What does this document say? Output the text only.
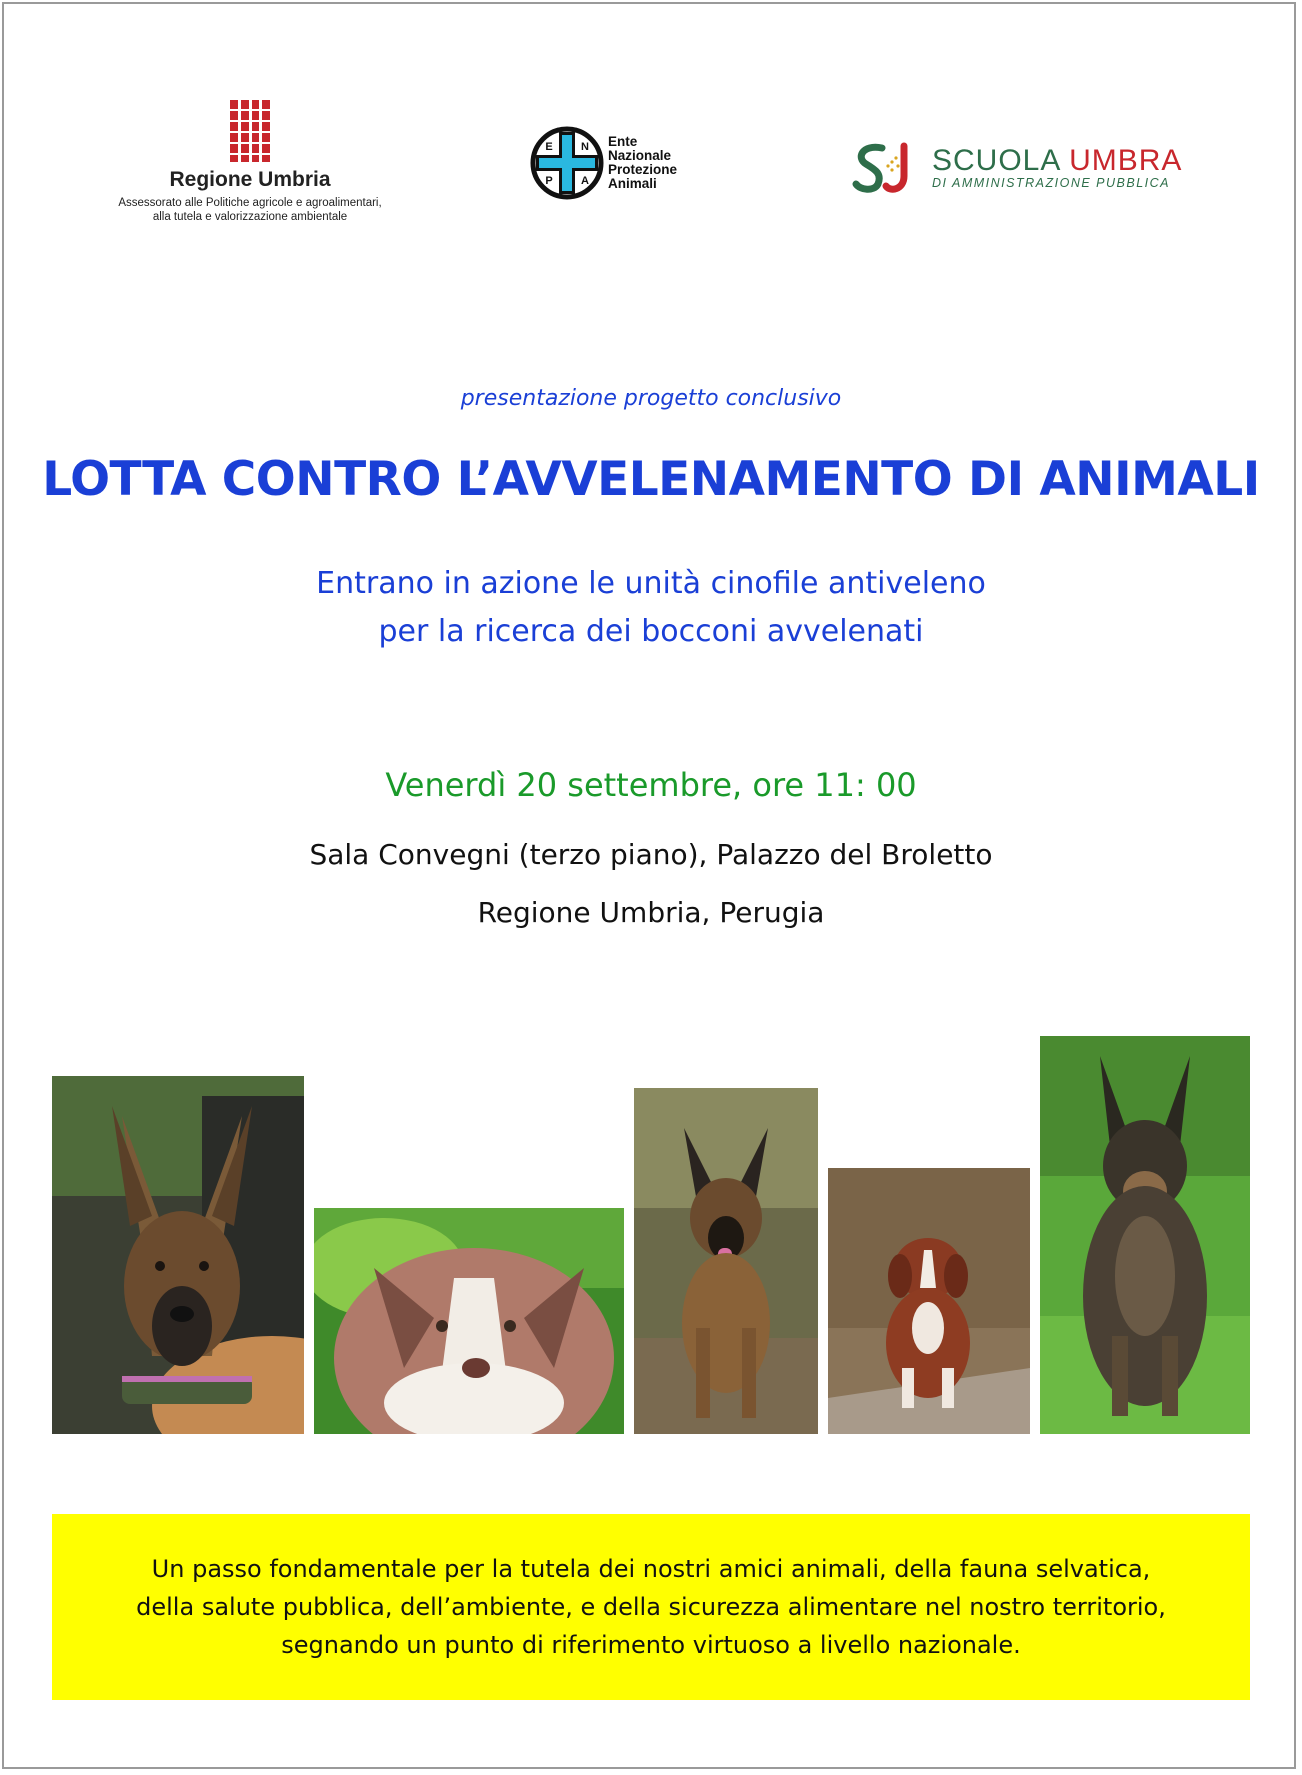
Regione Umbria
Assessorato alle Politiche agricole e agroalimentari,
alla tutela e valorizzazione ambientale
E	N
P	A
Ente
Nazionale
Protezione
Animali
SCUOLA UMBRA
DI AMMINISTRAZIONE PUBBLICA
presentazione progetto conclusivo
LOTTA CONTRO L’AVVELENAMENTO DI ANIMALI
Entrano in azione le unità cinofile antiveleno
per la ricerca dei bocconi avvelenati
Venerdì 20 settembre, ore 11: 00
Sala Convegni (terzo piano), Palazzo del Broletto
Regione Umbria, Perugia
Un passo fondamentale per la tutela dei nostri amici animali, della fauna selvatica,
della salute pubblica, dell’ambiente, e della sicurezza alimentare nel nostro territorio,
segnando un punto di riferimento virtuoso a livello nazionale.
